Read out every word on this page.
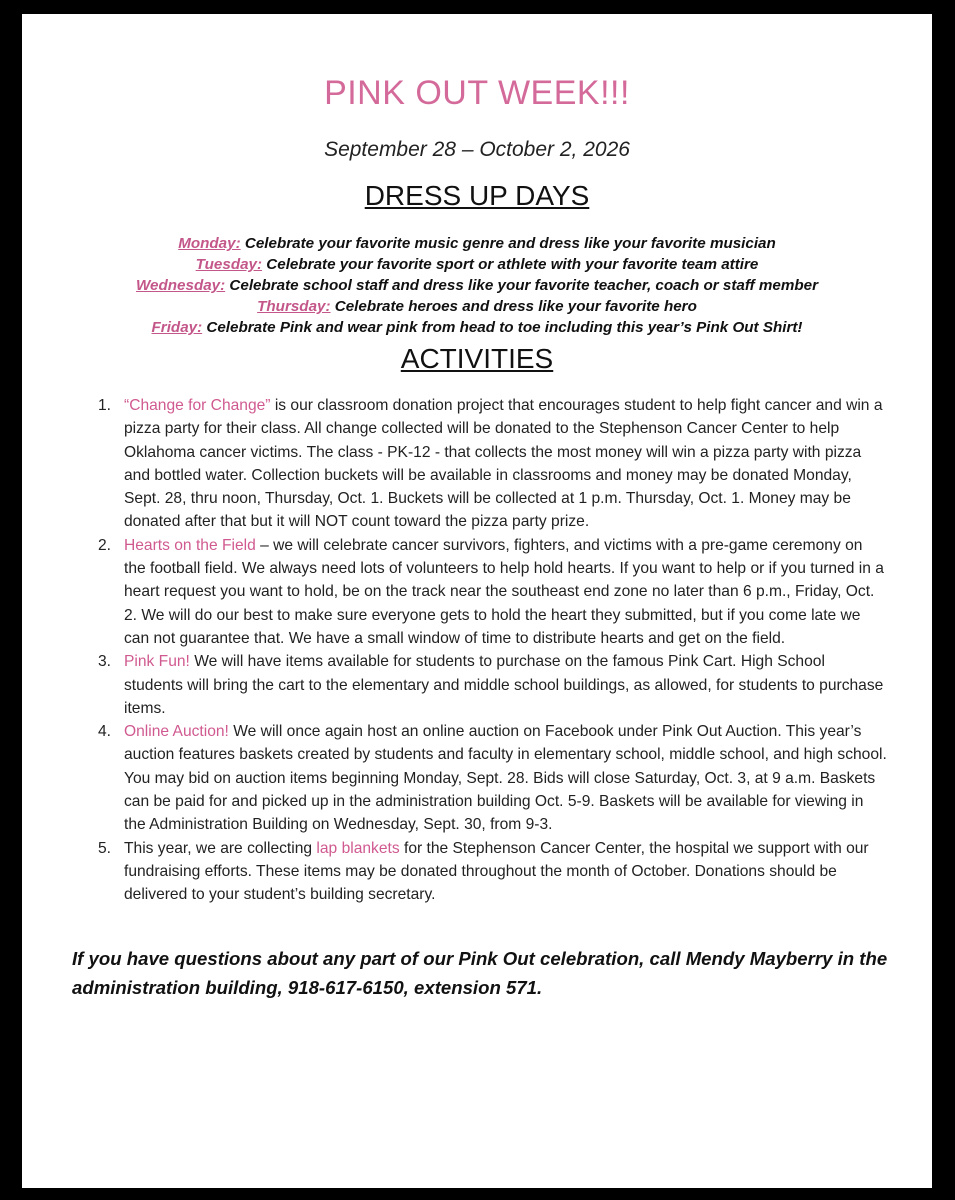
PINK OUT WEEK!!!
September 28 – October 2, 2026
DRESS UP DAYS
Monday: Celebrate your favorite music genre and dress like your favorite musician
Tuesday: Celebrate your favorite sport or athlete with your favorite team attire
Wednesday: Celebrate school staff and dress like your favorite teacher, coach or staff member
Thursday: Celebrate heroes and dress like your favorite hero
Friday: Celebrate Pink and wear pink from head to toe including this year’s Pink Out Shirt!
ACTIVITIES
1. “Change for Change” is our classroom donation project that encourages student to help fight cancer and win a pizza party for their class. All change collected will be donated to the Stephenson Cancer Center to help Oklahoma cancer victims. The class - PK-12 - that collects the most money will win a pizza party with pizza and bottled water. Collection buckets will be available in classrooms and money may be donated Monday, Sept. 28, thru noon, Thursday, Oct. 1. Buckets will be collected at 1 p.m. Thursday, Oct. 1. Money may be donated after that but it will NOT count toward the pizza party prize.
2. Hearts on the Field – we will celebrate cancer survivors, fighters, and victims with a pre-game ceremony on the football field. We always need lots of volunteers to help hold hearts. If you want to help or if you turned in a heart request you want to hold, be on the track near the southeast end zone no later than 6 p.m., Friday, Oct. 2. We will do our best to make sure everyone gets to hold the heart they submitted, but if you come late we can not guarantee that. We have a small window of time to distribute hearts and get on the field.
3. Pink Fun! We will have items available for students to purchase on the famous Pink Cart. High School students will bring the cart to the elementary and middle school buildings, as allowed, for students to purchase items.
4. Online Auction! We will once again host an online auction on Facebook under Pink Out Auction. This year’s auction features baskets created by students and faculty in elementary school, middle school, and high school. You may bid on auction items beginning Monday, Sept. 28. Bids will close Saturday, Oct. 3, at 9 a.m. Baskets can be paid for and picked up in the administration building Oct. 5-9. Baskets will be available for viewing in the Administration Building on Wednesday, Sept. 30, from 9-3.
5. This year, we are collecting lap blankets for the Stephenson Cancer Center, the hospital we support with our fundraising efforts. These items may be donated throughout the month of October. Donations should be delivered to your student’s building secretary.
If you have questions about any part of our Pink Out celebration, call Mendy Mayberry in the administration building, 918-617-6150, extension 571.
